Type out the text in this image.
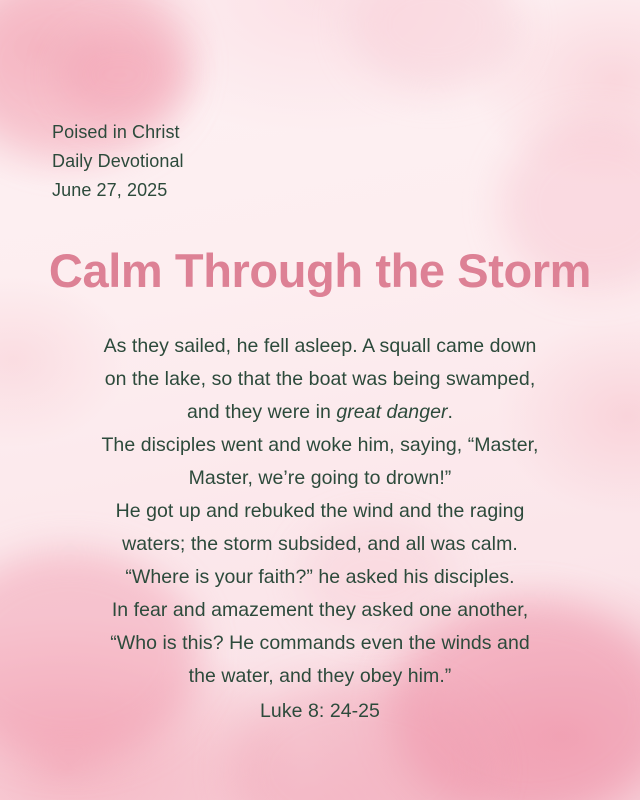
Poised in Christ
Daily Devotional
June 27, 2025
Calm Through the Storm
As they sailed, he fell asleep. A squall came down
on the lake, so that the boat was being swamped,
and they were in great danger.
The disciples went and woke him, saying, “Master,
Master, we’re going to drown!”
He got up and rebuked the wind and the raging
waters; the storm subsided, and all was calm.
“Where is your faith?” he asked his disciples.
In fear and amazement they asked one another,
“Who is this? He commands even the winds and
the water, and they obey him.”
Luke 8: 24-25
